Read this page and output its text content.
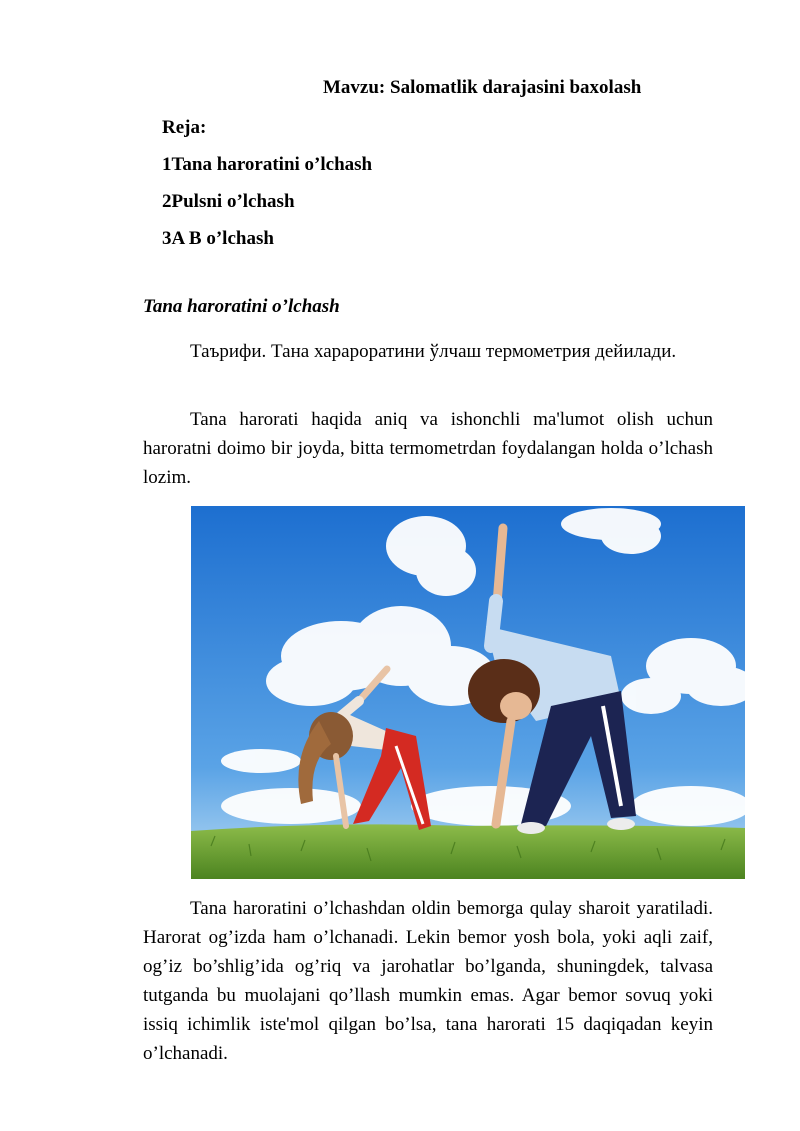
Mavzu: Salomatlik darajasini baxolash
Reja:
1Tana haroratini o’lchash
2Pulsni o’lchash
3A B o’lchash
Tana haroratini o’lchash

Таърифи. Тана харароратини ўлчаш термометрия дейилади.

Tana harorati haqida aniq va ishonchli ma'lumot olish uchun haroratni doimo bir joyda, bitta termometrdan foydalangan holda o’lchash lozim.

Tana haroratini o’lchashdan oldin bemorga qulay sharoit yaratiladi. Harorat og’izda ham o’lchanadi. Lekin bemor yosh bola, yoki aqli zaif, og’iz bo’shlig’ida og’riq va jarohatlar bo’lganda, shuningdek, talvasa tutganda bu muolajani qo’llash mumkin emas. Agar bemor sovuq yoki issiq ichimlik iste'mol qilgan bo’lsa, tana harorati 15 daqiqadan keyin o’lchanadi.
